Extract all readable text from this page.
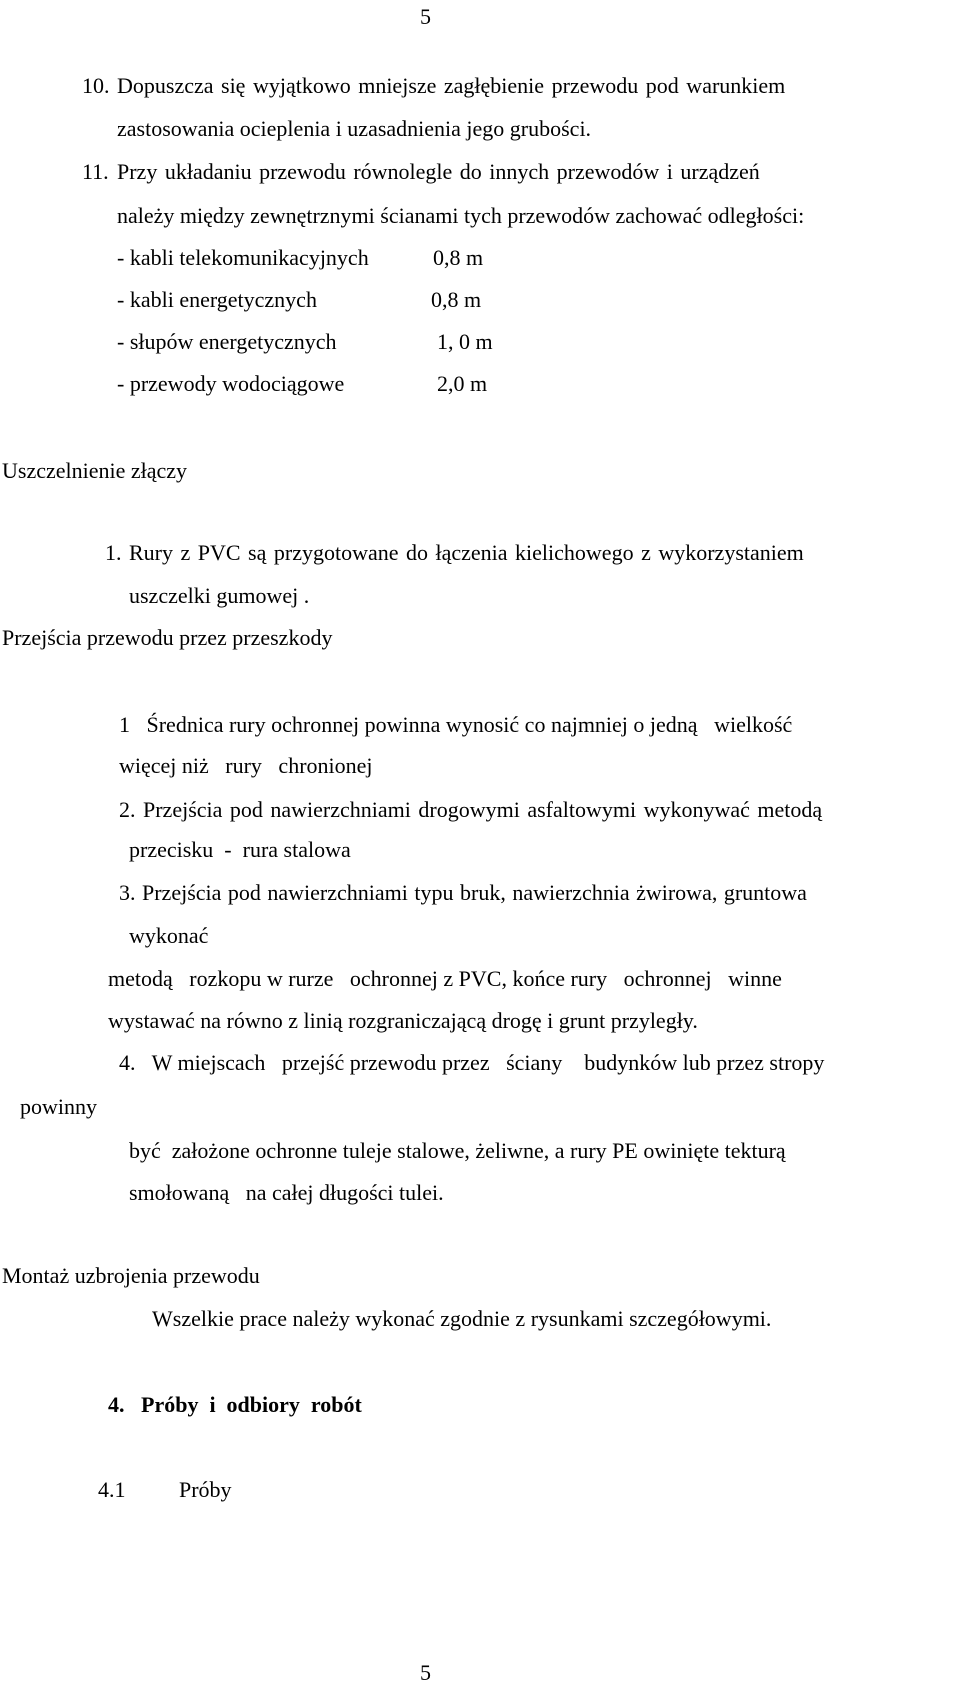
5
10. Dopuszcza się wyjątkowo mniejsze zagłębienie przewodu pod warunkiem
zastosowania ocieplenia i uzasadnienia jego grubości.
11. Przy układaniu przewodu równolegle do innych przewodów i urządzeń
należy między zewnętrznymi ścianami tych przewodów zachować odległości:
- kabli telekomunikacyjnych	0,8 m
- kabli energetycznych	0,8 m
- słupów energetycznych	1, 0 m
- przewody wodociągowe	2,0 m
Uszczelnienie złączy
1. Rury z PVC są przygotowane do łączenia kielichowego z wykorzystaniem
uszczelki gumowej .
Przejścia przewodu przez przeszkody
1   Średnica rury ochronnej powinna wynosić co najmniej o jedną   wielkość
więcej niż   rury   chronionej
2. Przejścia pod nawierzchniami drogowymi asfaltowymi wykonywać metodą
przecisku  -  rura stalowa
3. Przejścia pod nawierzchniami typu bruk, nawierzchnia żwirowa, gruntowa
wykonać
metodą   rozkopu w rurze   ochronnej z PVC, końce rury   ochronnej   winne
wystawać na równo z linią rozgraniczającą drogę i grunt przyległy.
4.   W miejscach   przejść przewodu przez   ściany    budynków lub przez stropy
powinny
być  założone ochronne tuleje stalowe, żeliwne, a rury PE owinięte tekturą
smołowaną   na całej długości tulei.
Montaż uzbrojenia przewodu
Wszelkie prace należy wykonać zgodnie z rysunkami szczegółowymi.
4.   Próby  i  odbiory  robót
4.1 Próby
5
